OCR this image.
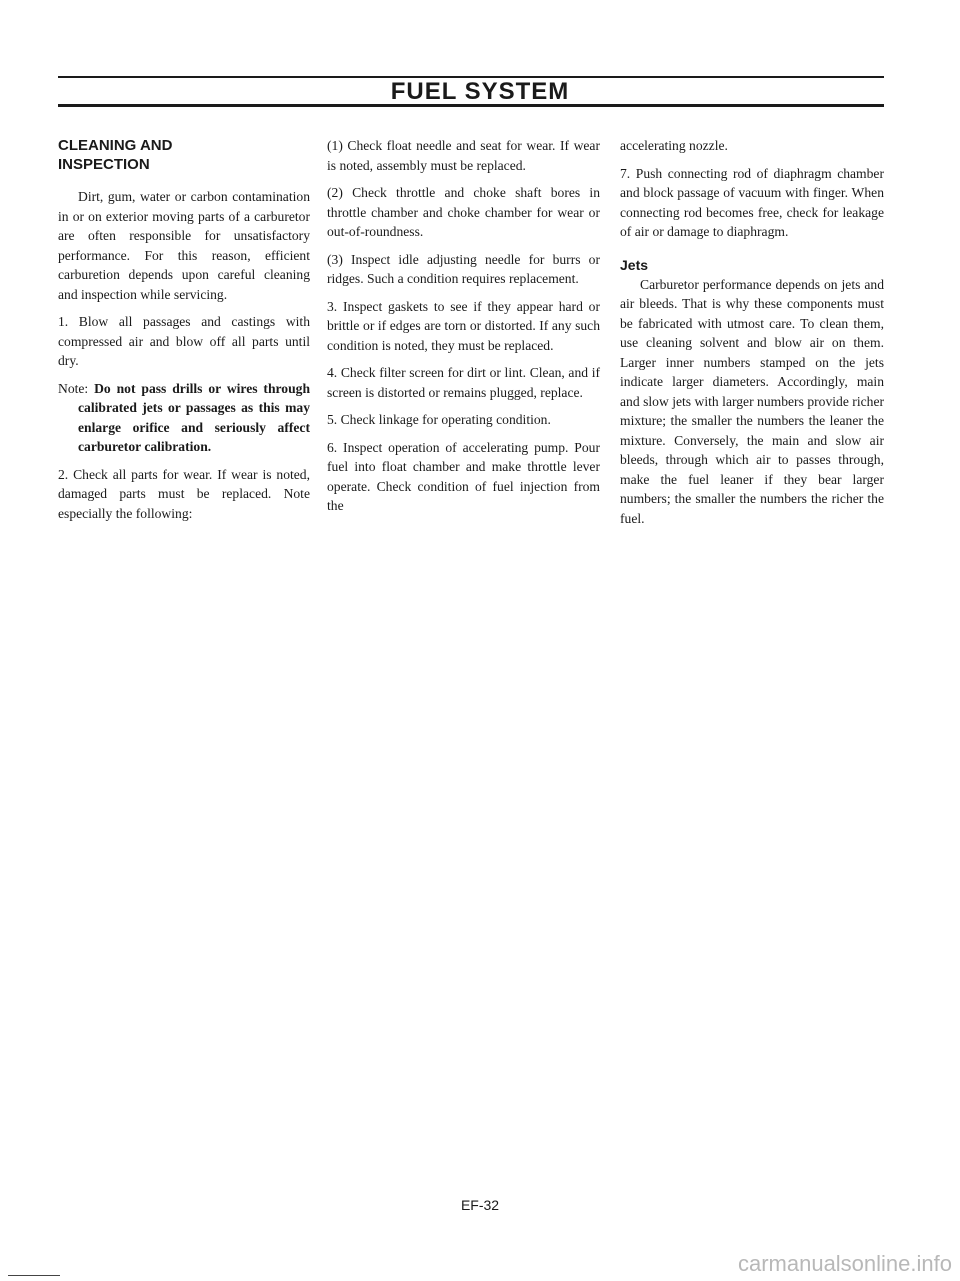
FUEL SYSTEM
CLEANING AND
INSPECTION

Dirt, gum, water or carbon contamination in or on exterior moving parts of a carburetor are often responsible for unsatisfactory performance. For this reason, efficient carburetion depends upon careful cleaning and inspection while servicing.

1. Blow all passages and castings with compressed air and blow off all parts until dry.

Note: Do not pass drills or wires through calibrated jets or passages as this may enlarge orifice and seriously affect carburetor calibration.

2. Check all parts for wear. If wear is noted, damaged parts must be replaced. Note especially the following:

(1) Check float needle and seat for wear. If wear is noted, assembly must be replaced.

(2) Check throttle and choke shaft bores in throttle chamber and choke chamber for wear or out-of-roundness.

(3) Inspect idle adjusting needle for burrs or ridges. Such a condition requires replacement.

3. Inspect gaskets to see if they appear hard or brittle or if edges are torn or distorted. If any such condition is noted, they must be replaced.

4. Check filter screen for dirt or lint. Clean, and if screen is distorted or remains plugged, replace.

5. Check linkage for operating condition.

6. Inspect operation of accelerating pump. Pour fuel into float chamber and make throttle lever operate. Check condition of fuel injection from the

accelerating nozzle.

7. Push connecting rod of diaphragm chamber and block passage of vacuum with finger. When connecting rod becomes free, check for leakage of air or damage to diaphragm.

Jets

Carburetor performance depends on jets and air bleeds. That is why these components must be fabricated with utmost care. To clean them, use cleaning solvent and blow air on them. Larger inner numbers stamped on the jets indicate larger diameters. Accordingly, main and slow jets with larger numbers provide richer mixture; the smaller the numbers the leaner the mixture. Conversely, the main and slow air bleeds, through which air to passes through, make the fuel leaner if they bear larger numbers; the smaller the numbers the richer the fuel.

EF-32
carmanualsonline.info
